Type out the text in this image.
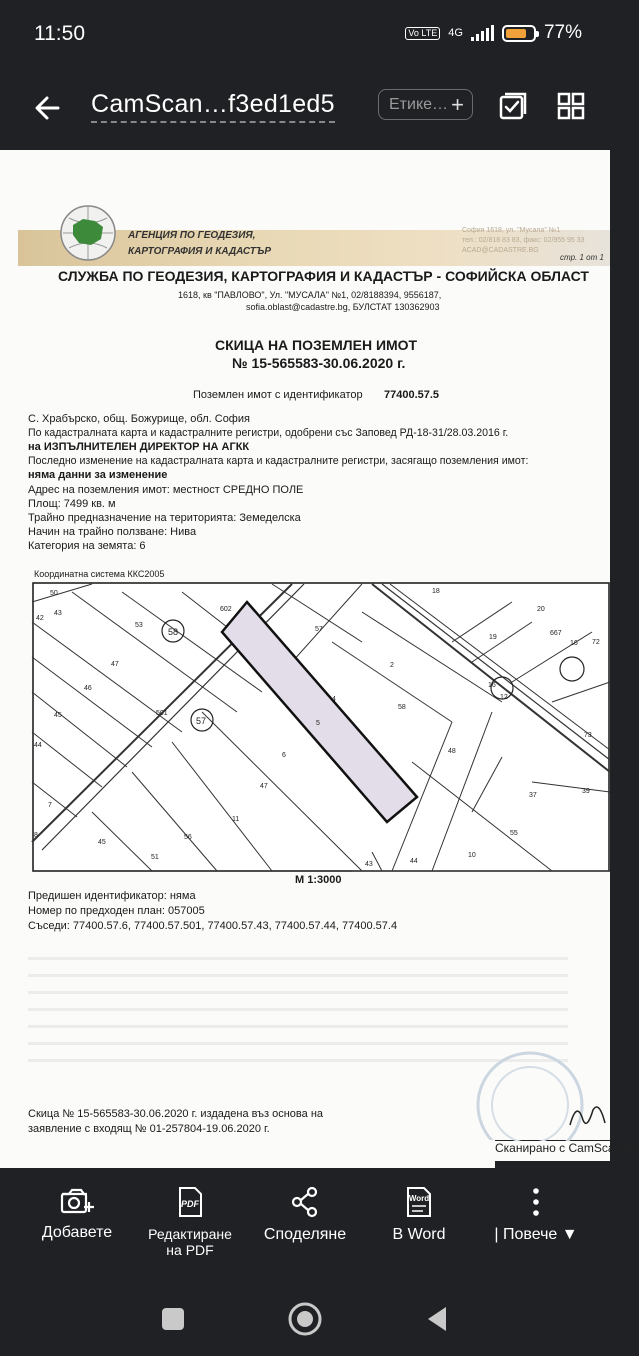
11:50	Vo LTE 4G	77%
CamScan…f3ed1ed5	Етике… +
АГЕНЦИЯ ПО ГЕОДЕЗИЯ,
КАРТОГРАФИЯ И КАДАСТЪР
София 1618, ул. "Мусала" №1
тел.: 02/818 83 83, факс: 02/955 95 33
ACAD@CADASTRE.BG
стр. 1 от 1
СЛУЖБА ПО ГЕОДЕЗИЯ, КАРТОГРАФИЯ И КАДАСТЪР - СОФИЙСКА ОБЛАСТ
1618, кв "ПАВЛОВО", Ул. "МУСАЛА" №1, 02/8188394, 9556187,
sofia.oblast@cadastre.bg, БУЛСТАТ 130362903
СКИЦА НА ПОЗЕМЛЕН ИМОТ
№ 15-565583-30.06.2020 г.
Поземлен имот с идентификатор 77400.57.5
С. Храбърско, общ. Божурище, обл. София
По кадастралната карта и кадастралните регистри, одобрени със Заповед РД-18-31/28.03.2016 г.
на ИЗПЪЛНИТЕЛЕН ДИРЕКТОР НА АГКК
Последно изменение на кадастралната карта и кадастралните регистри, засягащо поземления имот:
няма данни за изменение
Адрес на поземления имот: местност СРЕДНО ПОЛЕ
Площ: 7499 кв. м
Трайно предназначение на територията: Земеделска
Начин на трайно ползване: Нива
Категория на земята: 6
Координатна система ККС2005
50
43
53
602
57
18
20
42
47
19
667
72
46
2
16
16
12
45	501
4
58
73
44
57	5
6
48
39
7
47
37
8
11
56
45
55
51
43	44
10
58
М 1:3000
Предишен идентификатор: няма
Номер по предходен план: 057005
Съседи: 77400.57.6, 77400.57.501, 77400.57.43, 77400.57.44, 77400.57.4
Скица № 15-565583-30.06.2020 г. издадена въз основа на
заявление с входящ № 01-257804-19.06.2020 г.
Сканирано с CamScanner
Добавете
PDF
Редактиране
на PDF
Споделяне
Word
В Word	| Повече ▼
